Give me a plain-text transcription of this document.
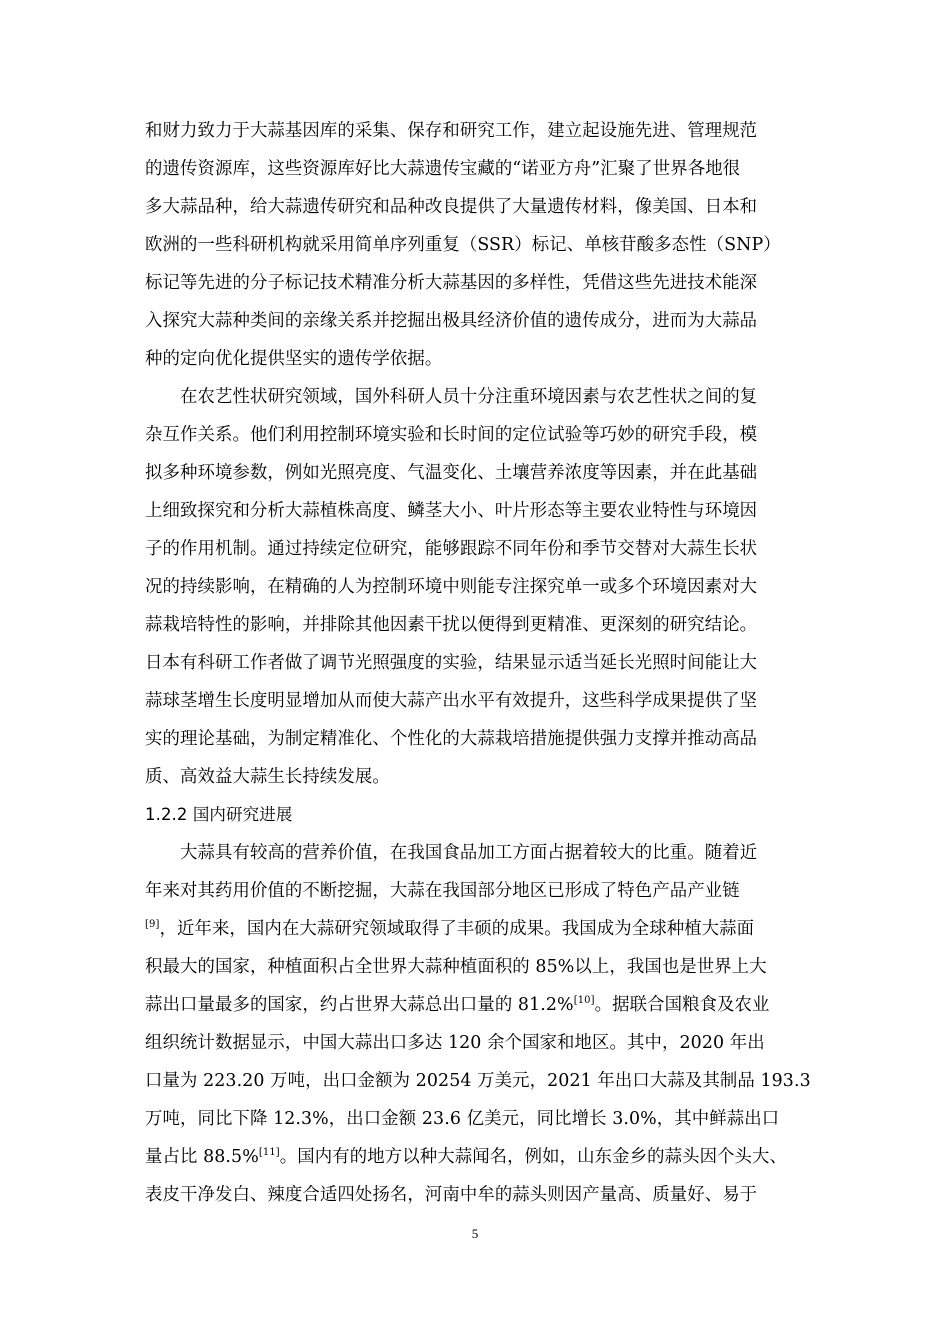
和财力致力于大蒜基因库的采集、保存和研究工作，建立起设施先进、管理规范
的遗传资源库，这些资源库好比大蒜遗传宝藏的“诺亚方舟”汇聚了世界各地很
多大蒜品种，给大蒜遗传研究和品种改良提供了大量遗传材料，像美国、日本和
欧洲的一些科研机构就采用简单序列重复（SSR）标记、单核苷酸多态性（SNP）
标记等先进的分子标记技术精准分析大蒜基因的多样性，凭借这些先进技术能深
入探究大蒜种类间的亲缘关系并挖掘出极具经济价值的遗传成分，进而为大蒜品
种的定向优化提供坚实的遗传学依据。
在农艺性状研究领域，国外科研人员十分注重环境因素与农艺性状之间的复
杂互作关系。他们利用控制环境实验和长时间的定位试验等巧妙的研究手段，模
拟多种环境参数，例如光照亮度、气温变化、土壤营养浓度等因素，并在此基础
上细致探究和分析大蒜植株高度、鳞茎大小、叶片形态等主要农业特性与环境因
子的作用机制。通过持续定位研究，能够跟踪不同年份和季节交替对大蒜生长状
况的持续影响，在精确的人为控制环境中则能专注探究单一或多个环境因素对大
蒜栽培特性的影响，并排除其他因素干扰以便得到更精准、更深刻的研究结论。
日本有科研工作者做了调节光照强度的实验，结果显示适当延长光照时间能让大
蒜球茎增生长度明显增加从而使大蒜产出水平有效提升，这些科学成果提供了坚
实的理论基础，为制定精准化、个性化的大蒜栽培措施提供强力支撑并推动高品
质、高效益大蒜生长持续发展。
1.2.2 国内研究进展
大蒜具有较高的营养价值，在我国食品加工方面占据着较大的比重。随着近
年来对其药用价值的不断挖掘，大蒜在我国部分地区已形成了特色产品产业链
[9]，近年来，国内在大蒜研究领域取得了丰硕的成果。我国成为全球种植大蒜面
积最大的国家，种植面积占全世界大蒜种植面积的 85%以上，我国也是世界上大
蒜出口量最多的国家，约占世界大蒜总出口量的 81.2%[10]。据联合国粮食及农业
组织统计数据显示，中国大蒜出口多达 120 余个国家和地区。其中，2020 年出
口量为 223.20 万吨，出口金额为 20254 万美元，2021 年出口大蒜及其制品 193.3
万吨，同比下降 12.3%，出口金额 23.6 亿美元，同比增长 3.0%，其中鲜蒜出口
量占比 88.5%[11]。国内有的地方以种大蒜闻名，例如，山东金乡的蒜头因个头大、
表皮干净发白、辣度合适四处扬名，河南中牟的蒜头则因产量高、质量好、易于
5
